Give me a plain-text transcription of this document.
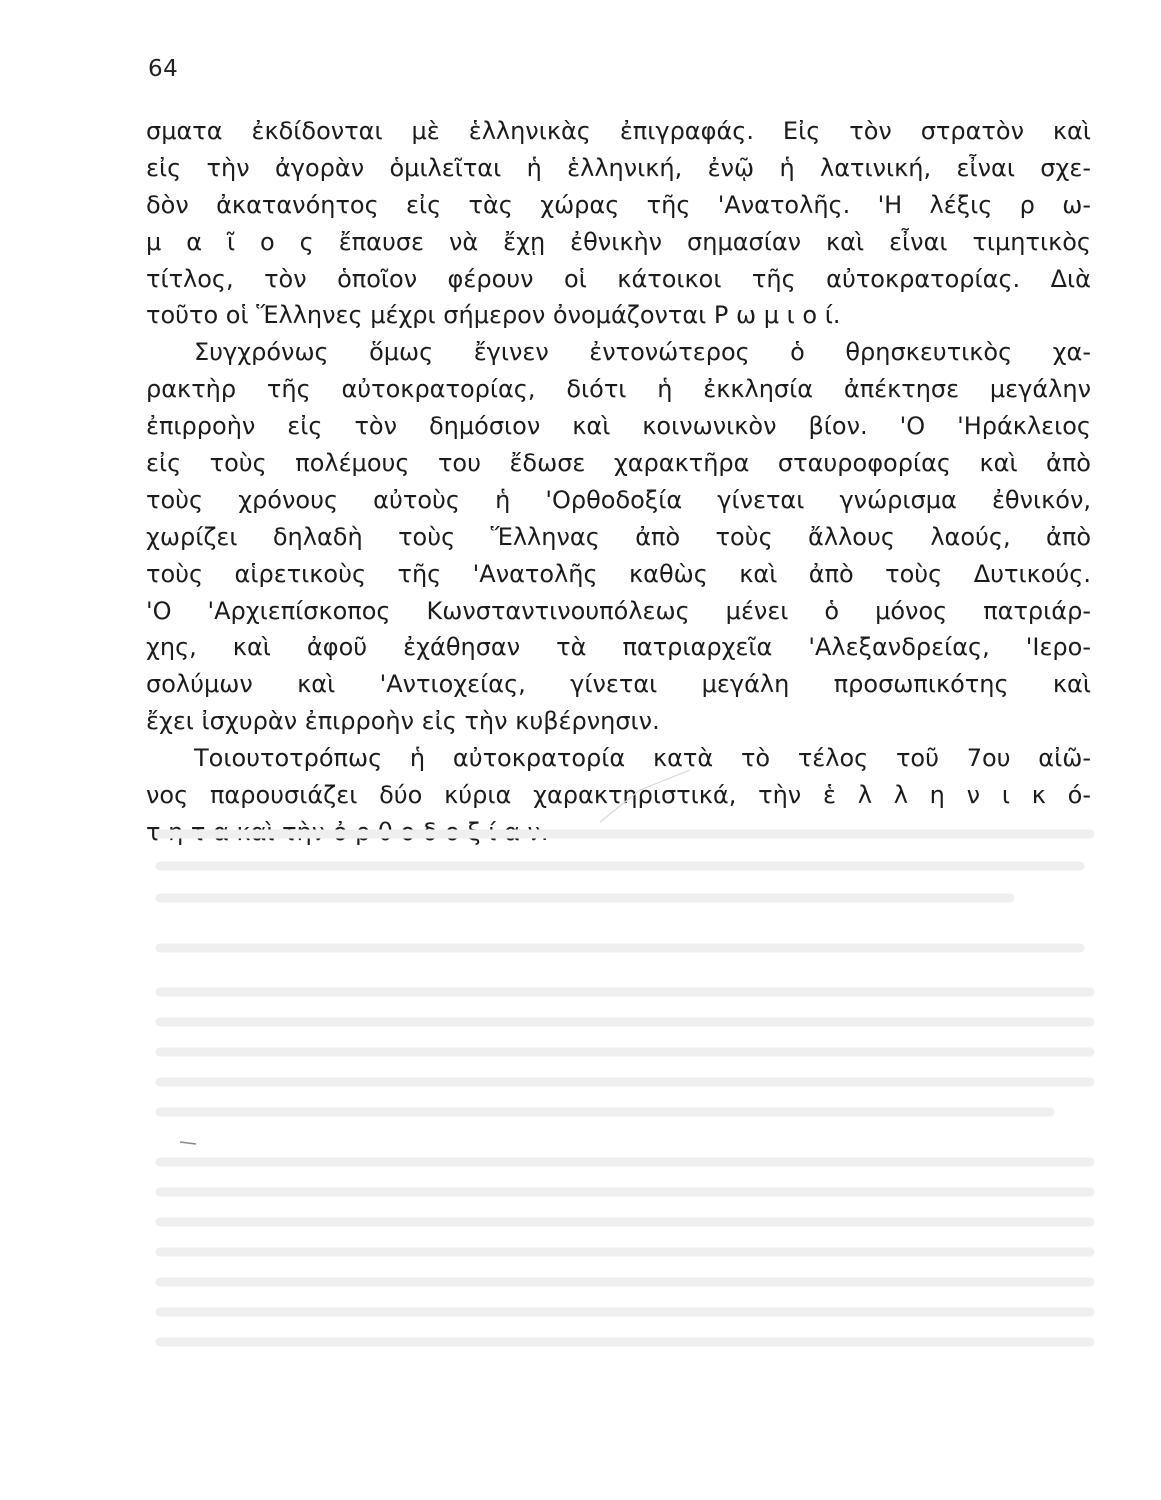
64
σματα ἐκδίδονται μὲ ἑλληνικὰς ἐπιγραφάς. Εἰς τὸν στρατὸν καὶ
εἰς τὴν ἀγορὰν ὁμιλεῖται ἡ ἑλληνική, ἐνῷ ἡ λατινική, εἶναι σχε-
δὸν ἀκατανόητος εἰς τὰς χώρας τῆς 'Ανατολῆς. 'Η λέξις ρ ω-
μ α ῖ ο ς ἔπαυσε νὰ ἔχῃ ἐθνικὴν σημασίαν καὶ εἶναι τιμητικὸς
τίτλος, τὸν ὁποῖον φέρουν οἱ κάτοικοι τῆς αὐτοκρατορίας. Διὰ
τοῦτο οἱ Ἕλληνες μέχρι σήμερον ὀνομάζονται Ρ ω μ ι ο ί.
Συγχρόνως ὅμως ἔγινεν ἐντονώτερος ὁ θρησκευτικὸς χα-
ρακτὴρ τῆς αὐτοκρατορίας, διότι ἡ ἐκκλησία ἀπέκτησε μεγάλην
ἐπιρροὴν εἰς τὸν δημόσιον καὶ κοινωνικὸν βίον. 'Ο 'Ηράκλειος
εἰς τοὺς πολέμους του ἔδωσε χαρακτῆρα σταυροφορίας καὶ ἀπὸ
τοὺς χρόνους αὐτοὺς ἡ 'Ορθοδοξία γίνεται γνώρισμα ἐθνικόν,
χωρίζει δηλαδὴ τοὺς Ἕλληνας ἀπὸ τοὺς ἄλλους λαούς, ἀπὸ
τοὺς αἱρετικοὺς τῆς 'Ανατολῆς καθὼς καὶ ἀπὸ τοὺς Δυτικούς.
'Ο 'Αρχιεπίσκοπος Κωνσταντινουπόλεως μένει ὁ μόνος πατριάρ-
χης, καὶ ἀφοῦ ἐχάθησαν τὰ πατριαρχεῖα 'Αλεξανδρείας, 'Ιερο-
σολύμων καὶ 'Αντιοχείας, γίνεται μεγάλη προσωπικότης καὶ
ἔχει ἰσχυρὰν ἐπιρροὴν εἰς τὴν κυβέρνησιν.
Τοιουτοτρόπως ἡ αὐτοκρατορία κατὰ τὸ τέλος τοῦ 7ου αἰῶ-
νος παρουσιάζει δύο κύρια χαρακτηριστικά, τὴν ἑ λ λ η ν ι κ ό-
τ η τ α καὶ τὴν ὀ ρ θ ο δ ο ξ ί α ν.
